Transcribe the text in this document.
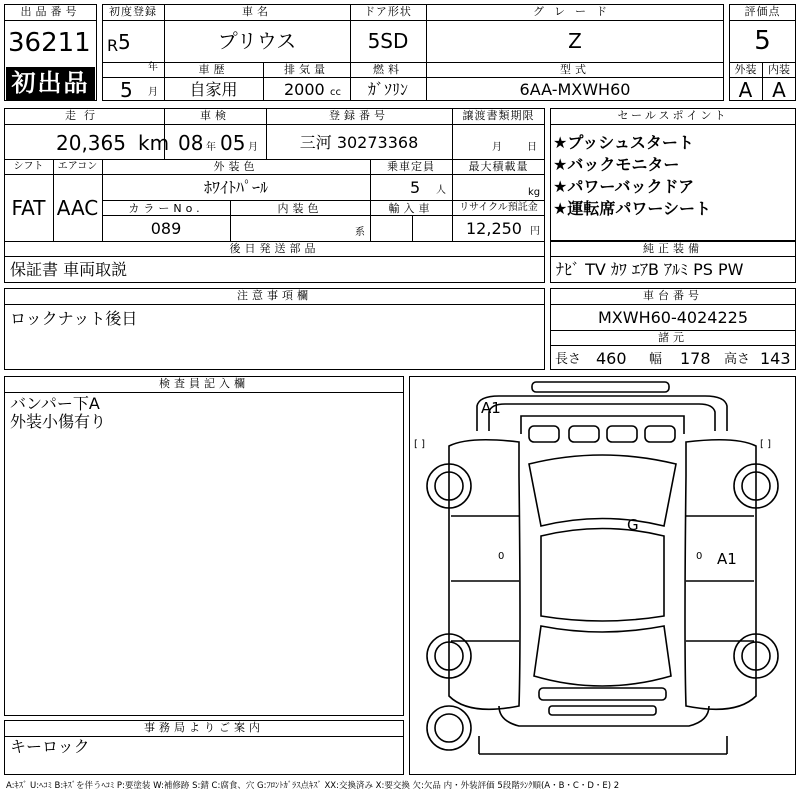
出品番号
36211
初出品
初度登録
R 5
年
5 月
車名
プリウス
ドア形状
5SD
グレード
Z
車歴
自家用
排気量
2000 cc
燃料
ｶﾞｿﾘﾝ
型式
6AA-MXWH60
評価点
5
外装	内装
A A
走行
20,365 km
車検
08 年 05 月
登録番号
三河 30273368
譲渡書類期限
月	日
シフト
FAT
エアコン
AAC
外装色
ﾎﾜｲﾄﾊﾟｰﾙ
乗車定員
5 人
最大積載量
kg
カラーNo.
089
内装色
系
輸入車	リサイクル預託金
12,250 円
後日発送部品
保証書 車両取説
セールスポイント
★プッシュスタート
★バックモニター
★パワーバックドア
★運転席パワーシート
純正装備
ﾅﾋﾞ TV ｶﾜ ｴｱB ｱﾙﾐ PS PW
注意事項欄
ロックナット後日
車台番号
MXWH60-4024225
諸元
長さ 460 幅 178 高さ 143
検査員記入欄
バンパー下A
外装小傷有り
事務局よりご案内
キーロック
A1
G
A1
[ ]	[ ]
0	0
A:ｷｽﾞ U:ﾍｺﾐ B:ｷｽﾞを伴うﾍｺﾐ P:要塗装 W:補修跡 S:錆 C:腐食、穴 G:ﾌﾛﾝﾄｶﾞﾗｽ点ｷｽﾞ XX:交換済み X:要交換 欠:欠品 内・外装評価 5段階ﾗﾝｸ順(A・B・C・D・E) 2
